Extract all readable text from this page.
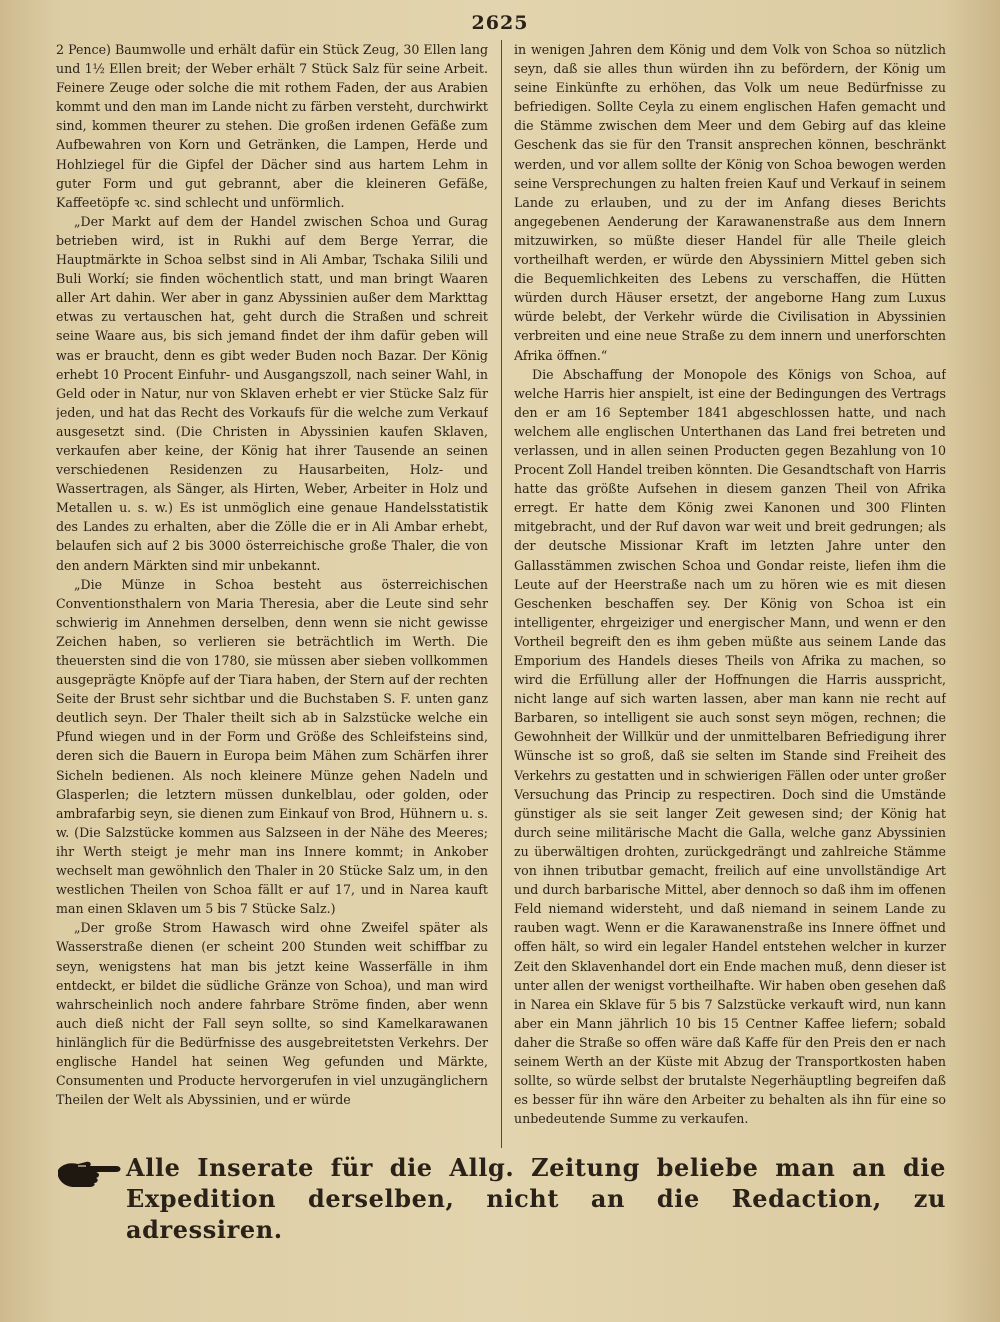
2625

2 Pence) Baumwolle und erhält dafür ein Stück Zeug, 30 Ellen lang und 1½ Ellen breit; der Weber erhält 7 Stück Salz für seine Arbeit. Feinere Zeuge oder solche die mit rothem Faden, der aus Arabien kommt und den man im Lande nicht zu färben versteht, durchwirkt sind, kommen theurer zu stehen. Die großen irdenen Gefäße zum Aufbewahren von Korn und Getränken, die Lampen, Herde und Hohlziegel für die Gipfel der Dächer sind aus hartem Lehm in guter Form und gut gebrannt, aber die kleineren Gefäße, Kaffeetöpfe ꝛc. sind schlecht und unförmlich.

„Der Markt auf dem der Handel zwischen Schoa und Gurag betrieben wird, ist in Rukhi auf dem Berge Yerrar, die Hauptmärkte in Schoa selbst sind in Ali Ambar, Tschaka Silili und Buli Workí; sie finden wöchentlich statt, und man bringt Waaren aller Art dahin. Wer aber in ganz Abyssinien außer dem Markttag etwas zu vertauschen hat, geht durch die Straßen und schreit seine Waare aus, bis sich jemand findet der ihm dafür geben will was er braucht, denn es gibt weder Buden noch Bazar. Der König erhebt 10 Procent Einfuhr- und Ausgangszoll, nach seiner Wahl, in Geld oder in Natur, nur von Sklaven erhebt er vier Stücke Salz für jeden, und hat das Recht des Vorkaufs für die welche zum Verkauf ausgesetzt sind. (Die Christen in Abyssinien kaufen Sklaven, verkaufen aber keine, der König hat ihrer Tausende an seinen verschiedenen Residenzen zu Hausarbeiten, Holz- und Wassertragen, als Sänger, als Hirten, Weber, Arbeiter in Holz und Metallen u. s. w.) Es ist unmöglich eine genaue Handelsstatistik des Landes zu erhalten, aber die Zölle die er in Ali Ambar erhebt, belaufen sich auf 2 bis 3000 österreichische große Thaler, die von den andern Märkten sind mir unbekannt.

„Die Münze in Schoa besteht aus österreichischen Conventionsthalern von Maria Theresia, aber die Leute sind sehr schwierig im Annehmen derselben, denn wenn sie nicht gewisse Zeichen haben, so verlieren sie beträchtlich im Werth. Die theuersten sind die von 1780, sie müssen aber sieben vollkommen ausgeprägte Knöpfe auf der Tiara haben, der Stern auf der rechten Seite der Brust sehr sichtbar und die Buchstaben S. F. unten ganz deutlich seyn. Der Thaler theilt sich ab in Salzstücke welche ein Pfund wiegen und in der Form und Größe des Schleifsteins sind, deren sich die Bauern in Europa beim Mähen zum Schärfen ihrer Sicheln bedienen. Als noch kleinere Münze gehen Nadeln und Glasperlen; die letztern müssen dunkelblau, oder golden, oder ambrafarbig seyn, sie dienen zum Einkauf von Brod, Hühnern u. s. w. (Die Salzstücke kommen aus Salzseen in der Nähe des Meeres; ihr Werth steigt je mehr man ins Innere kommt; in Ankober wechselt man gewöhnlich den Thaler in 20 Stücke Salz um, in den westlichen Theilen von Schoa fällt er auf 17, und in Narea kauft man einen Sklaven um 5 bis 7 Stücke Salz.)

„Der große Strom Hawasch wird ohne Zweifel später als Wasserstraße dienen (er scheint 200 Stunden weit schiffbar zu seyn, wenigstens hat man bis jetzt keine Wasserfälle in ihm entdeckt, er bildet die südliche Gränze von Schoa), und man wird wahrscheinlich noch andere fahrbare Ströme finden, aber wenn auch dieß nicht der Fall seyn sollte, so sind Kamelkarawanen hinlänglich für die Bedürfnisse des ausgebreitetsten Verkehrs. Der englische Handel hat seinen Weg gefunden und Märkte, Consumenten und Producte hervorgerufen in viel unzugänglichern Theilen der Welt als Abyssinien, und er würde

in wenigen Jahren dem König und dem Volk von Schoa so nützlich seyn, daß sie alles thun würden ihn zu befördern, der König um seine Einkünfte zu erhöhen, das Volk um neue Bedürfnisse zu befriedigen. Sollte Ceyla zu einem englischen Hafen gemacht und die Stämme zwischen dem Meer und dem Gebirg auf das kleine Geschenk das sie für den Transit ansprechen können, beschränkt werden, und vor allem sollte der König von Schoa bewogen werden seine Versprechungen zu halten freien Kauf und Verkauf in seinem Lande zu erlauben, und zu der im Anfang dieses Berichts angegebenen Aenderung der Karawanenstraße aus dem Innern mitzuwirken, so müßte dieser Handel für alle Theile gleich vortheilhaft werden, er würde den Abyssiniern Mittel geben sich die Bequemlichkeiten des Lebens zu verschaffen, die Hütten würden durch Häuser ersetzt, der angeborne Hang zum Luxus würde belebt, der Verkehr würde die Civilisation in Abyssinien verbreiten und eine neue Straße zu dem innern und unerforschten Afrika öffnen.“

Die Abschaffung der Monopole des Königs von Schoa, auf welche Harris hier anspielt, ist eine der Bedingungen des Vertrags den er am 16 September 1841 abgeschlossen hatte, und nach welchem alle englischen Unterthanen das Land frei betreten und verlassen, und in allen seinen Producten gegen Bezahlung von 10 Procent Zoll Handel treiben könnten. Die Gesandtschaft von Harris hatte das größte Aufsehen in diesem ganzen Theil von Afrika erregt. Er hatte dem König zwei Kanonen und 300 Flinten mitgebracht, und der Ruf davon war weit und breit gedrungen; als der deutsche Missionar Kraft im letzten Jahre unter den Gallasstämmen zwischen Schoa und Gondar reiste, liefen ihm die Leute auf der Heerstraße nach um zu hören wie es mit diesen Geschenken beschaffen sey. Der König von Schoa ist ein intelligenter, ehrgeiziger und energischer Mann, und wenn er den Vortheil begreift den es ihm geben müßte aus seinem Lande das Emporium des Handels dieses Theils von Afrika zu machen, so wird die Erfüllung aller der Hoffnungen die Harris ausspricht, nicht lange auf sich warten lassen, aber man kann nie recht auf Barbaren, so intelligent sie auch sonst seyn mögen, rechnen; die Gewohnheit der Willkür und der unmittelbaren Befriedigung ihrer Wünsche ist so groß, daß sie selten im Stande sind Freiheit des Verkehrs zu gestatten und in schwierigen Fällen oder unter großer Versuchung das Princip zu respectiren. Doch sind die Umstände günstiger als sie seit langer Zeit gewesen sind; der König hat durch seine militärische Macht die Galla, welche ganz Abyssinien zu überwältigen drohten, zurückgedrängt und zahlreiche Stämme von ihnen tributbar gemacht, freilich auf eine unvollständige Art und durch barbarische Mittel, aber dennoch so daß ihm im offenen Feld niemand widersteht, und daß niemand in seinem Lande zu rauben wagt. Wenn er die Karawanenstraße ins Innere öffnet und offen hält, so wird ein legaler Handel entstehen welcher in kurzer Zeit den Sklavenhandel dort ein Ende machen muß, denn dieser ist unter allen der wenigst vortheilhafte. Wir haben oben gesehen daß in Narea ein Sklave für 5 bis 7 Salzstücke verkauft wird, nun kann aber ein Mann jährlich 10 bis 15 Centner Kaffee liefern; sobald daher die Straße so offen wäre daß Kaffe für den Preis den er nach seinem Werth an der Küste mit Abzug der Transportkosten haben sollte, so würde selbst der brutalste Negerhäuptling begreifen daß es besser für ihn wäre den Arbeiter zu behalten als ihn für eine so unbedeutende Summe zu verkaufen.

Alle Inserate für die Allg. Zeitung beliebe man an die Expedition derselben, nicht an die Redaction, zu adressiren.
